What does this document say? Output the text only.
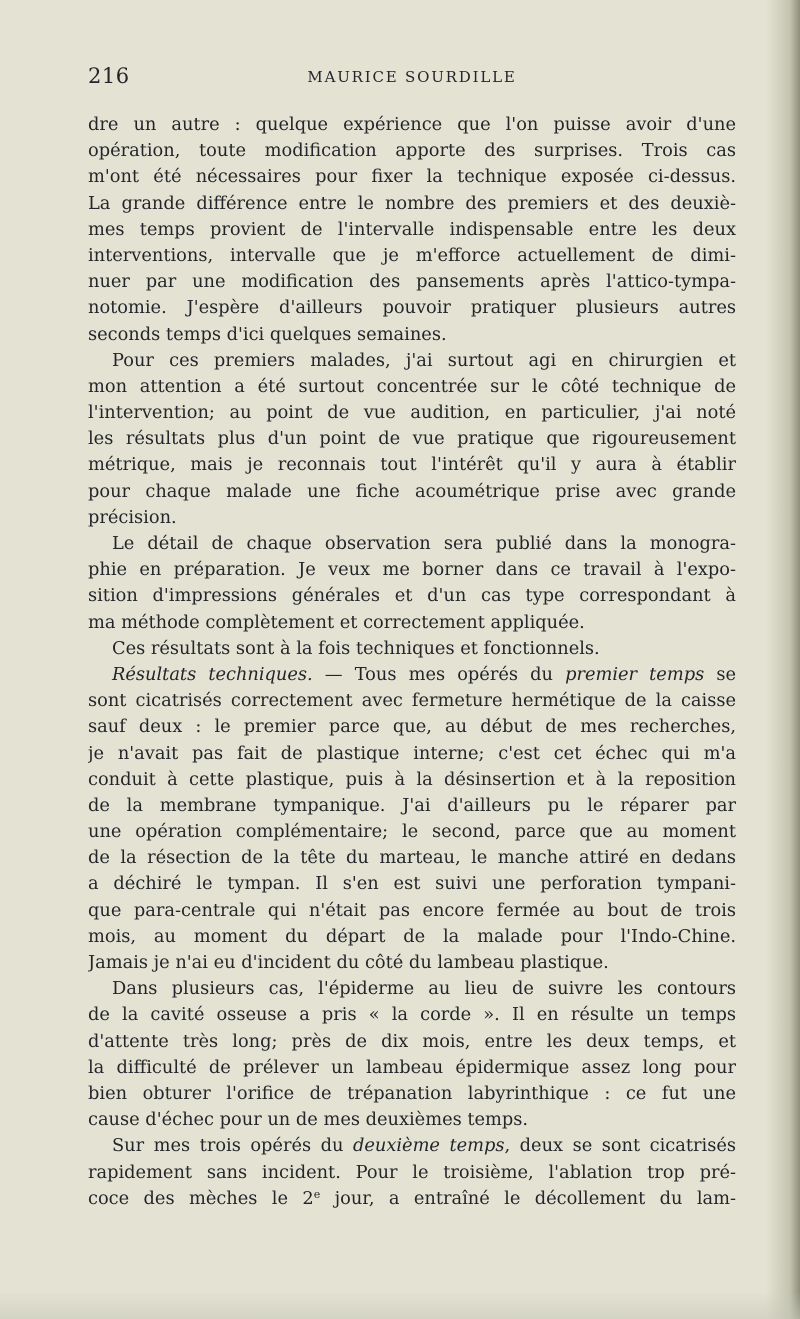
216	MAURICE SOURDILLE
dre un autre : quelque expérience que l'on puisse avoir d'une
opération, toute modification apporte des surprises. Trois cas
m'ont été nécessaires pour fixer la technique exposée ci-dessus.
La grande différence entre le nombre des premiers et des deuxiè-
mes temps provient de l'intervalle indispensable entre les deux
interventions, intervalle que je m'efforce actuellement de dimi-
nuer par une modification des pansements après l'attico-tympa-
notomie. J'espère d'ailleurs pouvoir pratiquer plusieurs autres
seconds temps d'ici quelques semaines.
Pour ces premiers malades, j'ai surtout agi en chirurgien et
mon attention a été surtout concentrée sur le côté technique de
l'intervention; au point de vue audition, en particulier, j'ai noté
les résultats plus d'un point de vue pratique que rigoureusement
métrique, mais je reconnais tout l'intérêt qu'il y aura à établir
pour chaque malade une fiche acoumétrique prise avec grande
précision.
Le détail de chaque observation sera publié dans la monogra-
phie en préparation. Je veux me borner dans ce travail à l'expo-
sition d'impressions générales et d'un cas type correspondant à
ma méthode complètement et correctement appliquée.
Ces résultats sont à la fois techniques et fonctionnels.
Résultats techniques. — Tous mes opérés du premier temps se
sont cicatrisés correctement avec fermeture hermétique de la caisse
sauf deux : le premier parce que, au début de mes recherches,
je n'avait pas fait de plastique interne; c'est cet échec qui m'a
conduit à cette plastique, puis à la désinsertion et à la reposition
de la membrane tympanique. J'ai d'ailleurs pu le réparer par
une opération complémentaire; le second, parce que au moment
de la résection de la tête du marteau, le manche attiré en dedans
a déchiré le tympan. Il s'en est suivi une perforation tympani-
que para-centrale qui n'était pas encore fermée au bout de trois
mois, au moment du départ de la malade pour l'Indo-Chine.
Jamais je n'ai eu d'incident du côté du lambeau plastique.
Dans plusieurs cas, l'épiderme au lieu de suivre les contours
de la cavité osseuse a pris « la corde ». Il en résulte un temps
d'attente très long; près de dix mois, entre les deux temps, et
la difficulté de prélever un lambeau épidermique assez long pour
bien obturer l'orifice de trépanation labyrinthique : ce fut une
cause d'échec pour un de mes deuxièmes temps.
Sur mes trois opérés du deuxième temps, deux se sont cicatrisés
rapidement sans incident. Pour le troisième, l'ablation trop pré-
coce des mèches le 2e jour, a entraîné le décollement du lam-
